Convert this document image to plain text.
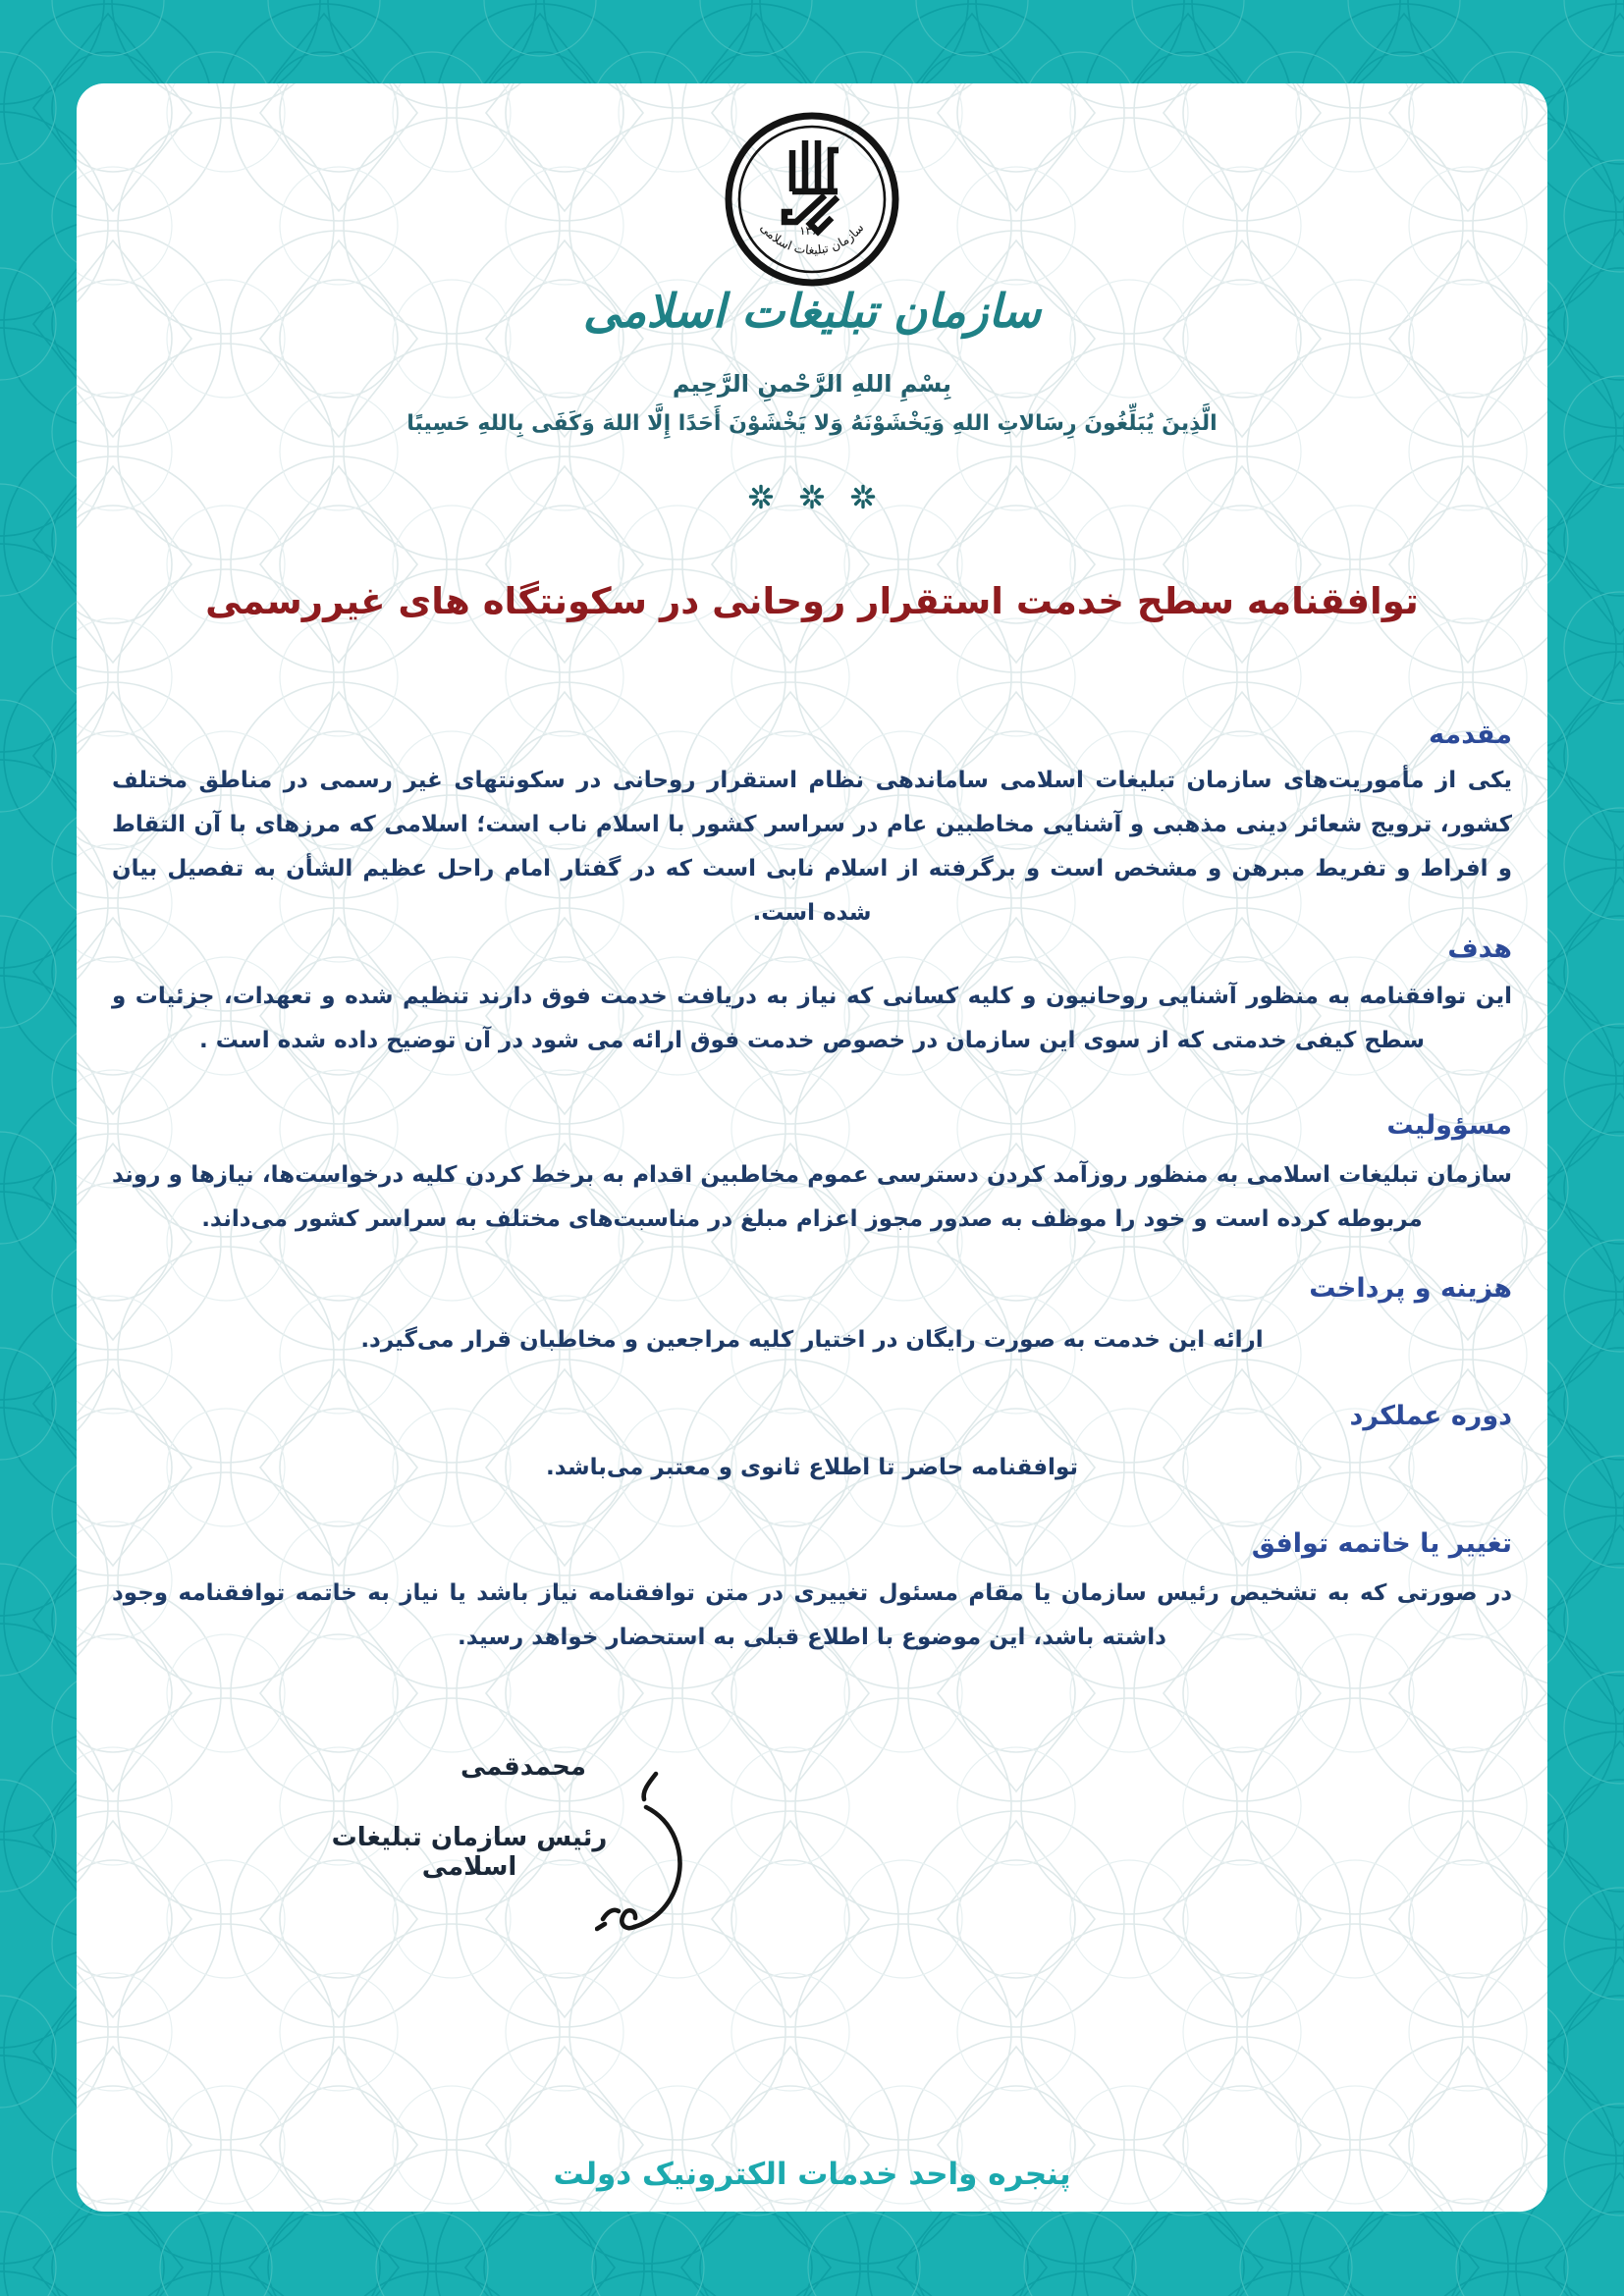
۱۳۶۰
سازمان تبلیغات اسلامی
سازمان تبلیغات اسلامی
بِسْمِ اللهِ الرَّحْمنِ الرَّحِيم
الَّذِينَ يُبَلِّغُونَ رِسَالاتِ اللهِ وَيَخْشَوْنَهُ وَلا يَخْشَوْنَ أَحَدًا إِلَّا اللهَ وَكَفَى بِاللهِ حَسِيبًا
توافقنامه سطح خدمت استقرار روحانی در سکونتگاه های غیررسمی
مقدمه
یکی از مأموریت‌های سازمان تبلیغات اسلامی ساماندهی نظام استقرار روحانی در سکونتهای غیر رسمی در مناطق مختلف کشور، ترویج شعائر دینی مذهبی و آشنایی مخاطبین عام در سراسر کشور با اسلام ناب است؛ اسلامی که مرزهای با آن التقاط و افراط و تفریط مبرهن و مشخص است و برگرفته از اسلام نابی است که در گفتار امام راحل عظیم الشأن به تفصیل بیان شده است.
هدف
این توافقنامه به منظور آشنایی روحانیون و کلیه کسانی که نیاز به دریافت خدمت فوق دارند تنظیم شده و تعهدات، جزئیات و سطح کیفی خدمتی که از سوی این سازمان در خصوص خدمت فوق ارائه می شود در آن توضیح داده شده است .
مسؤولیت
سازمان تبلیغات اسلامی به منظور روزآمد کردن دسترسی عموم مخاطبین اقدام به برخط کردن کلیه درخواست‌ها، نیازها و روند مربوطه کرده است و خود را موظف به صدور مجوز اعزام مبلغ در مناسبت‌های مختلف به سراسر کشور می‌داند.
هزینه و پرداخت
ارائه این خدمت به صورت رایگان در اختیار کلیه مراجعین و مخاطبان قرار می‌گیرد.
دوره عملکرد
توافقنامه حاضر تا اطلاع ثانوی و معتبر می‌باشد.
تغییر یا خاتمه توافق
در صورتی که به تشخیص رئیس سازمان یا مقام مسئول تغییری در متن توافقنامه نیاز باشد یا نیاز به خاتمه توافقنامه وجود داشته باشد، این موضوع با اطلاع قبلی به استحضار خواهد رسید.
محمدقمی
رئیس سازمان تبلیغات اسلامی
پنجره واحد خدمات الکترونیک دولت
